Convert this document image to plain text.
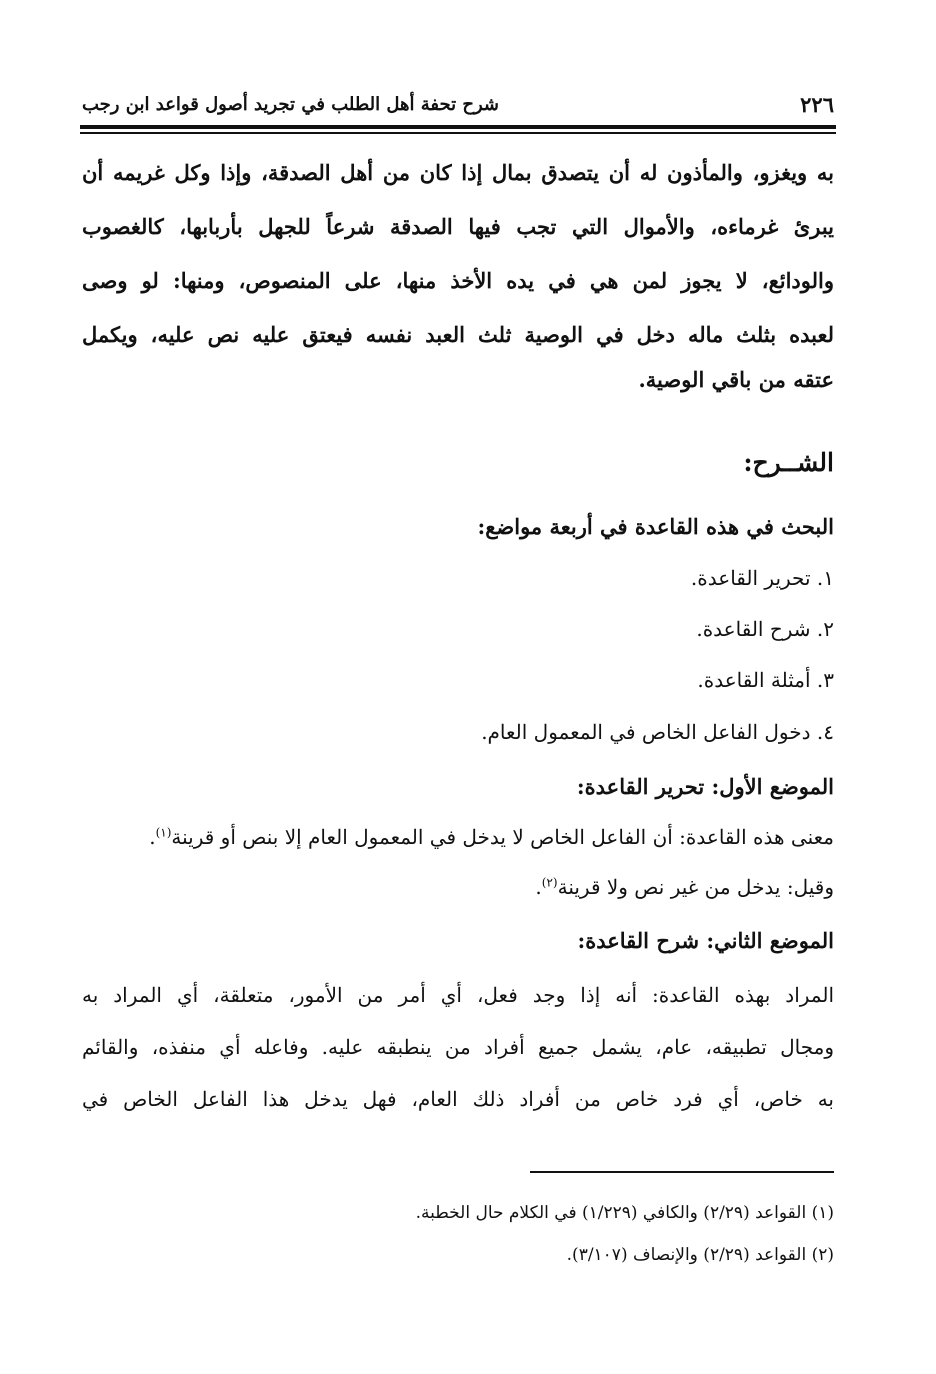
٢٢٦
شرح تحفة أهل الطلب في تجريد أصول قواعد ابن رجب
به ويغزو، والمأذون له أن يتصدق بمال إذا كان من أهل الصدقة، وإذا وكل غريمه أن
يبرئ غرماءه، والأموال التي تجب فيها الصدقة شرعاً للجهل بأربابها، كالغصوب
والودائع، لا يجوز لمن هي في يده الأخذ منها، على المنصوص، ومنها: لو وصى
لعبده بثلث ماله دخل في الوصية ثلث العبد نفسه فيعتق عليه نص عليه، ويكمل
عتقه من باقي الوصية.
الشــرح:
البحث في هذه القاعدة في أربعة مواضع:
١. تحرير القاعدة.
٢. شرح القاعدة.
٣. أمثلة القاعدة.
٤. دخول الفاعل الخاص في المعمول العام.
الموضع الأول: تحرير القاعدة:
معنى هذه القاعدة: أن الفاعل الخاص لا يدخل في المعمول العام إلا بنص أو قرينة$^{(١)}$.
وقيل: يدخل من غير نص ولا قرينة$^{(٢)}$.
الموضع الثاني: شرح القاعدة:
المراد بهذه القاعدة: أنه إذا وجد فعل، أي أمر من الأمور، متعلقة، أي المراد به
ومجال تطبيقه، عام، يشمل جميع أفراد من ينطبقه عليه. وفاعله أي منفذه، والقائم
به خاص، أي فرد خاص من أفراد ذلك العام، فهل يدخل هذا الفاعل الخاص في
(١) القواعد (٢/٢٩) والكافي (١/٢٢٩) في الكلام حال الخطبة.
(٢) القواعد (٢/٢٩) والإنصاف (٣/١٠٧).
